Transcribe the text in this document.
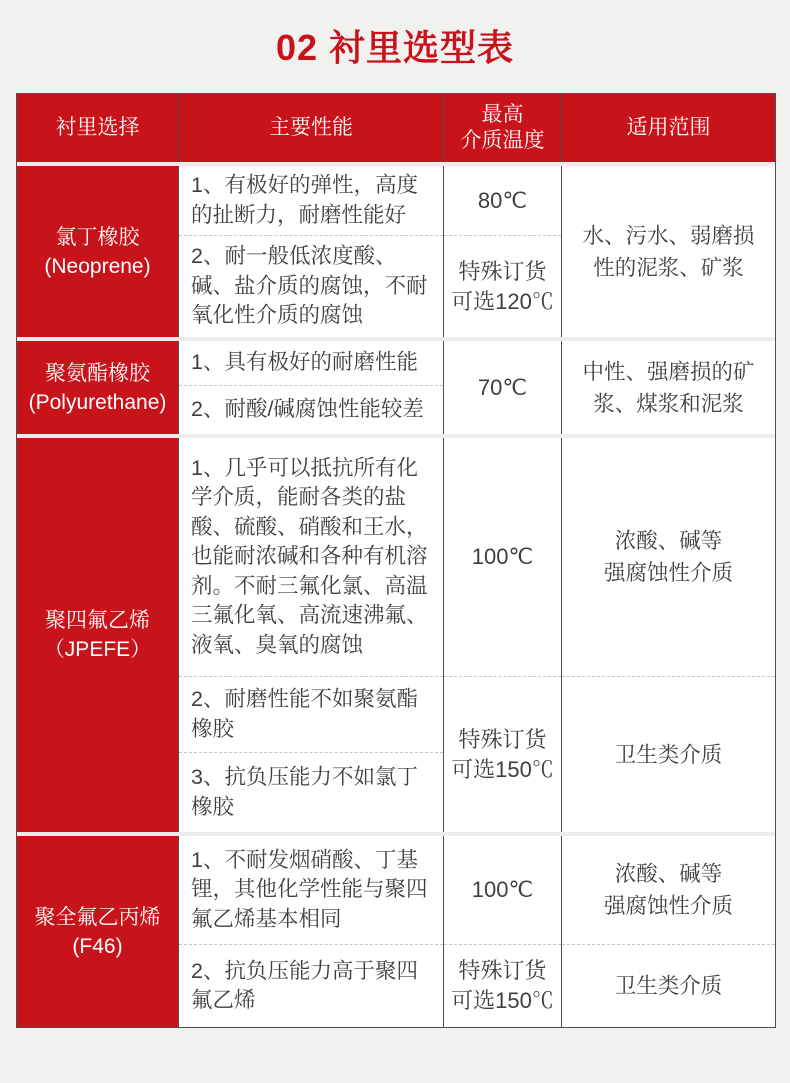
02 衬里选型表
衬里选择	主要性能
最高
介质温度
适用范围
氯丁橡胶
(Neoprene)
1、有极好的弹性，高度的扯断力，耐磨性能好
2、耐一般低浓度酸、碱、盐介质的腐蚀，不耐氧化性介质的腐蚀
80℃
特殊订货
可选120℃
水、污水、弱磨损
性的泥浆、矿浆
聚氨酯橡胶
(Polyurethane)
1、具有极好的耐磨性能
2、耐酸/碱腐蚀性能较差
70℃
中性、强磨损的矿
浆、煤浆和泥浆
聚四氟乙烯
（JPEFE）
1、几乎可以抵抗所有化学介质，能耐各类的盐酸、硫酸、硝酸和王水，也能耐浓碱和各种有机溶剂。不耐三氟化氯、高温三氟化氧、高流速沸氟、液氧、臭氧的腐蚀
2、耐磨性能不如聚氨酯橡胶
3、抗负压能力不如氯丁橡胶
100℃
特殊订货
可选150℃
浓酸、碱等
强腐蚀性介质
卫生类介质
聚全氟乙丙烯
(F46)
1、不耐发烟硝酸、丁基锂，其他化学性能与聚四氟乙烯基本相同
2、抗负压能力高于聚四氟乙烯
100℃
特殊订货
可选150℃
浓酸、碱等
强腐蚀性介质
卫生类介质
